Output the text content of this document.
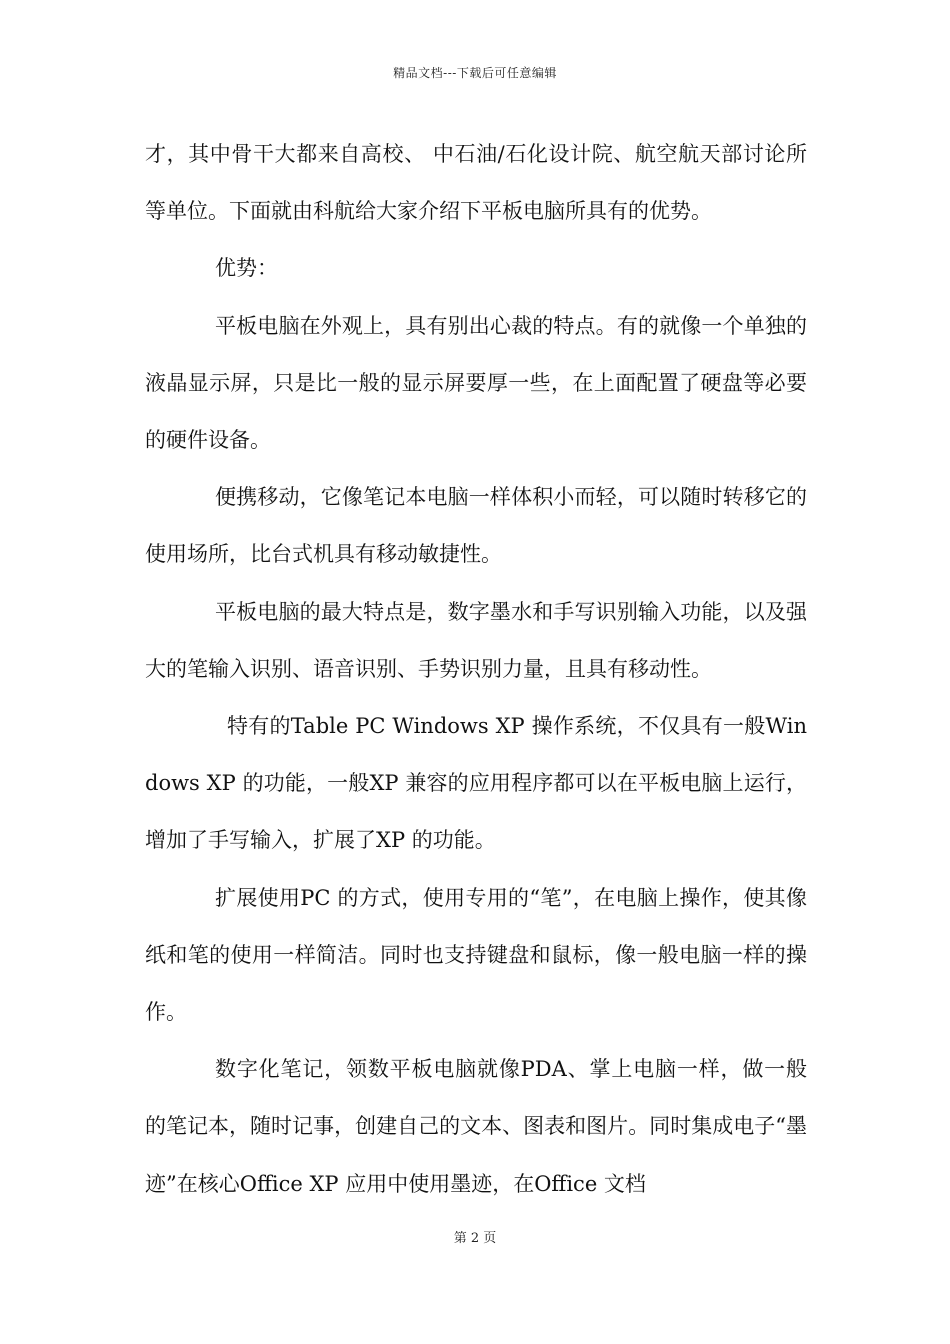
精品文档---下载后可任意编辑

才，其中骨干大都来自高校、 中石油/石化设计院、航空航天部讨论所等单位。下面就由科航给大家介绍下平板电脑所具有的优势。

优势：

平板电脑在外观上，具有别出心裁的特点。有的就像一个单独的液晶显示屏，只是比一般的显示屏要厚一些，在上面配置了硬盘等必要的硬件设备。

便携移动，它像笔记本电脑一样体积小而轻，可以随时转移它的使用场所，比台式机具有移动敏捷性。

平板电脑的最大特点是，数字墨水和手写识别输入功能，以及强大的笔输入识别、语音识别、手势识别力量，且具有移动性。

特有的Table PC Windows XP 操作系统，不仅具有一般Windows XP 的功能，一般XP 兼容的应用程序都可以在平板电脑上运行，增加了手写输入，扩展了XP 的功能。

扩展使用PC 的方式，使用专用的“笔”，在电脑上操作，使其像纸和笔的使用一样简洁。同时也支持键盘和鼠标，像一般电脑一样的操作。

数字化笔记，领数平板电脑就像PDA、掌上电脑一样，做一般的笔记本，随时记事，创建自己的文本、图表和图片。同时集成电子“墨迹”在核心Office XP 应用中使用墨迹，在Office 文档

第 2 页
